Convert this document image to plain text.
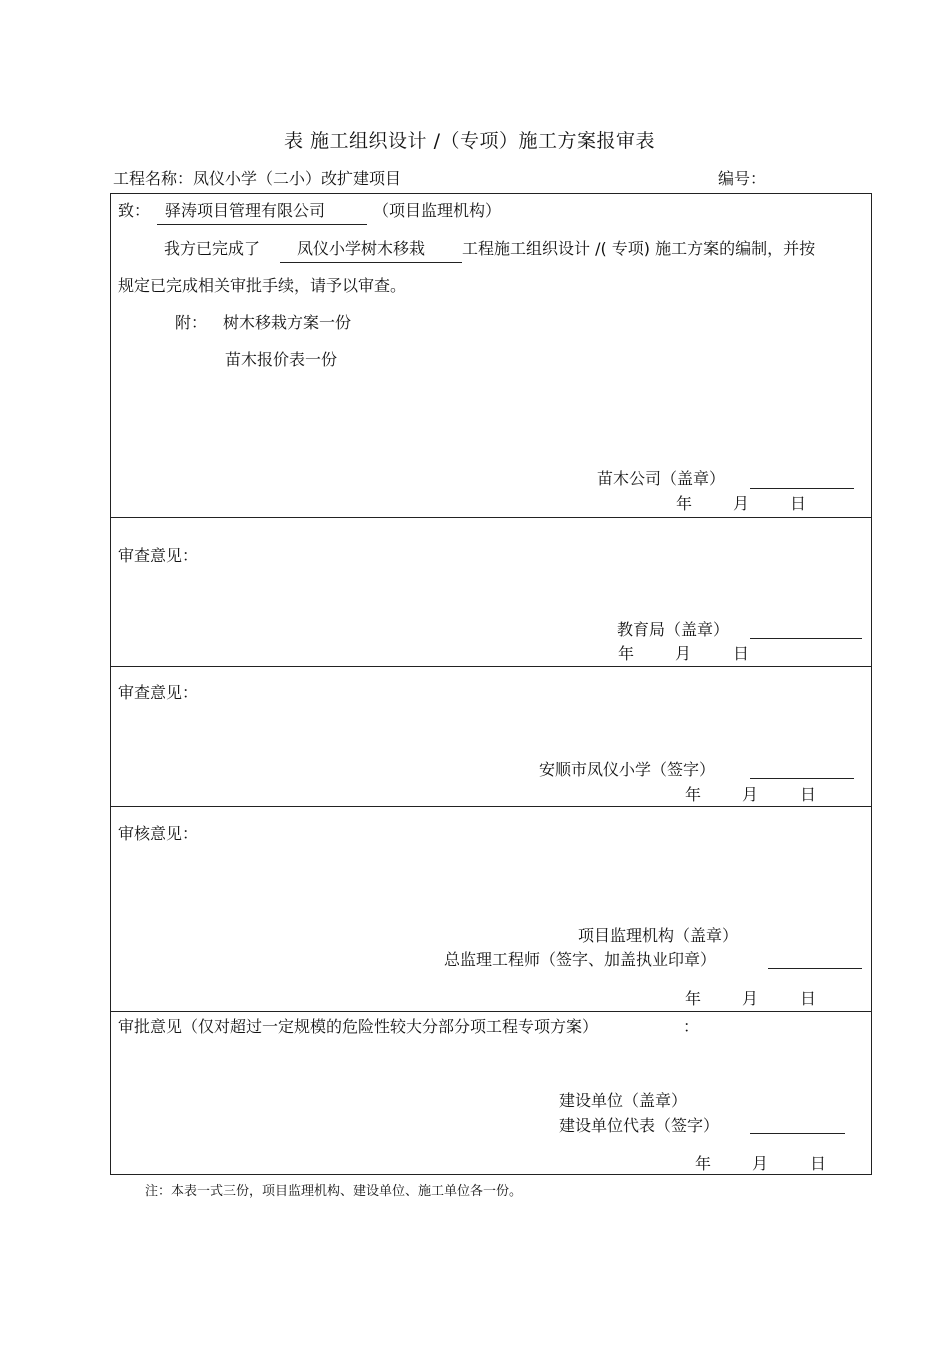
表 施工组织设计 /（专项）施工方案报审表
工程名称：凤仪小学（二小）改扩建项目	编号：
致： 驿涛项目管理有限公司	（项目监理机构）
我方已完成了 凤仪小学树木移栽 工程施工组织设计 /( 专项) 施工方案的编制，并按
规定已完成相关审批手续，请予以审查。
附： 树木移栽方案一份
苗木报价表一份
苗木公司（盖章）
年	月	日
审查意见：
教育局（盖章）
年	月	日
审查意见：
安顺市凤仪小学（签字）
年	月	日
审核意见：
项目监理机构（盖章）
总监理工程师（签字、加盖执业印章）
年	月	日
审批意见（仅对超过一定规模的危险性较大分部分项工程专项方案）	：
建设单位（盖章）
建设单位代表（签字）
年	月	日
注：本表一式三份，项目监理机构、建设单位、施工单位各一份。
